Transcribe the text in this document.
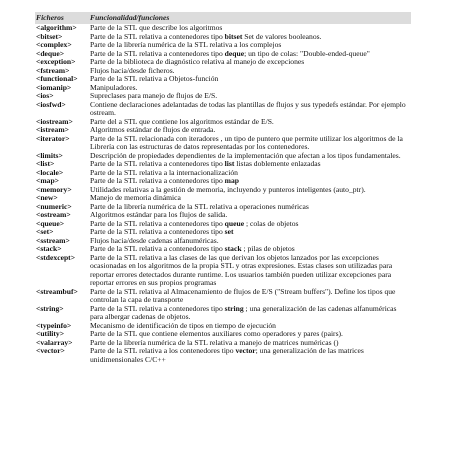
Ficheros	Funcionalidad/funciones
<algorithm>	Parte de la STL que describe los algoritmos
<bitset>	Parte de la STL relativa a contenedores tipo bitset Set de valores booleanos.
<complex>	Parte de la librería numérica de la STL relativa a los complejos
<deque>	Parte de la STL relativa a contenedores tipo deque; un tipo de colas: "Double-ended-queue"
<exception>	Parte de la biblioteca de diagnóstico relativa al manejo de excepciones
<fstream>	Flujos hacia/desde ficheros.
<functional>	Parte de la STL relativa a Objetos-función
<iomanip>	Manipuladores.
<ios>	Supreclases para manejo de flujos de E/S.
<iosfwd>	Contiene declaraciones adelantadas de todas las plantillas de flujos y sus typedefs estándar. Por ejemplo ostream.
<iostream>	Parte del a STL que contiene los algoritmos estándar de E/S.
<istream>	Algoritmos estándar de flujos de entrada.
<iterator>	Parte de la STL relacionada con iteradores , un tipo de puntero que permite utilizar los algoritmos de la Librería con las estructuras de datos representadas por los contenedores.
<limits>	Descripción de propiedades dependientes de la implementación que afectan a los tipos fundamentales.
<list>	Parte de la STL relativa a contenedores tipo list listas doblemente enlazadas
<locale>	Parte de la STL relativa a la internacionalización
<map>	Parte de la STL relativa a contenedores tipo map
<memory>	Utilidades relativas a la gestión de memoria, incluyendo y punteros inteligentes (auto_ptr).
<new>	Manejo de memoria dinámica
<numeric>	Parte de la librería numérica de la STL relativa a operaciones numéricas
<ostream>	Algoritmos estándar para los flujos de salida.
<queue>	Parte de la STL relativa a contenedores tipo queue ; colas de objetos
<set>	Parte de la STL relativa a contenedores tipo set
<sstream>	Flujos hacia/desde cadenas alfanuméricas.
<stack>	Parte de la STL relativa a contenedores tipo stack ; pilas de objetos
<stdexcept>	Parte de la STL relativa a las clases de las que derivan los objetos lanzados por las excepciones ocasionadas en los algoritmos de la propia STL y otras expresiones. Estas clases son utilizadas para reportar errores detectados durante runtime. Los usuarios también pueden utilizar excepciones para reportar errores en sus propios programas
<streambuf>	Parte de la STL relativa al Almacenamiento de flujos de E/S ("Stream buffers"). Define los tipos que controlan la capa de transporte
<string>	Parte de la STL relativa a contenedores tipo string ; una generalización de las cadenas alfanuméricas para albergar cadenas de objetos.
<typeinfo>	Mecanismo de identificación de tipos en tiempo de ejecución
<utility>	Parte de la STL que contiene elementos auxiliares como operadores y pares (pairs).
<valarray>	Parte de la librería numérica de la STL relativa a manejo de matrices numéricas ()
<vector>	Parte de la STL relativa a los contenedores tipo vector; una generalización de las matrices unidimensionales C/C++
